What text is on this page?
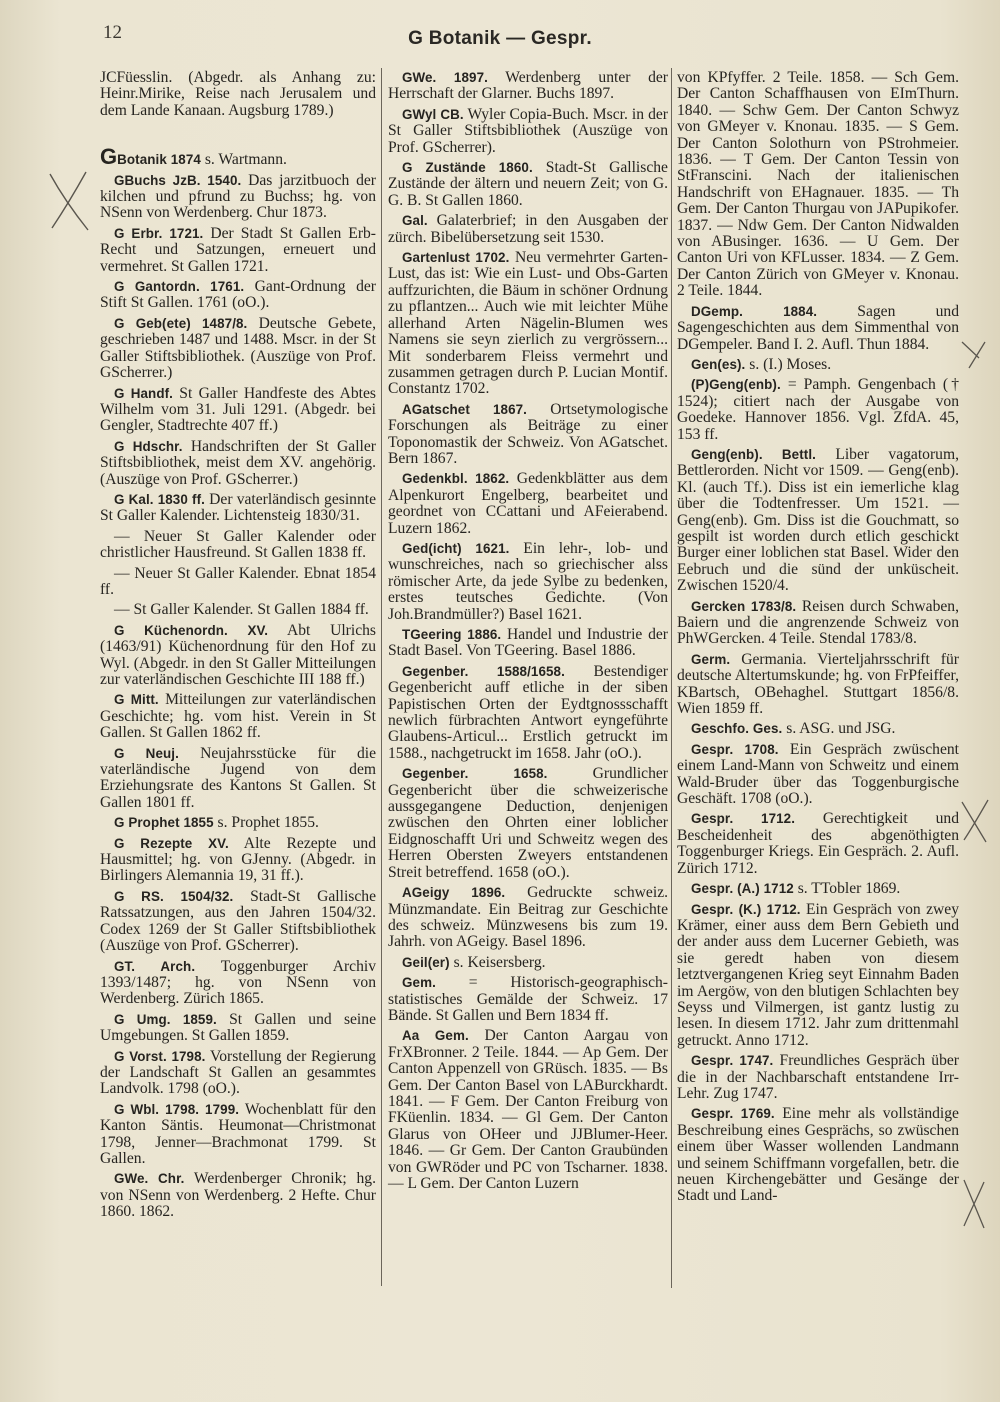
12	G Botanik — Gespr.

JCFüesslin. (Abgedr. als Anhang zu: Heinr.Mirike, Reise nach Jerusalem und dem Lande Kanaan. Augsburg 1789.)

GBotanik 1874 s. Wartmann.

GBuchs JzB. 1540. Das jarzitbuoch der kilchen und pfrund zu Buchss; hg. von NSenn von Werdenberg. Chur 1873.

G Erbr. 1721. Der Stadt St Gallen Erb-Recht und Satzungen, erneuert und vermehret. St Gallen 1721.

G Gantordn. 1761. Gant-Ordnung der Stift St Gallen. 1761 (oO.).

G Geb(ete) 1487/8. Deutsche Gebete, geschrieben 1487 und 1488. Mscr. in der St Galler Stiftsbibliothek. (Auszüge von Prof. GScherrer.)

G Handf. St Galler Handfeste des Abtes Wilhelm vom 31. Juli 1291. (Abgedr. bei Gengler, Stadtrechte 407 ff.)

G Hdschr. Handschriften der St Galler Stiftsbibliothek, meist dem XV. angehörig. (Auszüge von Prof. GScherrer.)

G Kal. 1830 ff. Der vaterländisch gesinnte St Galler Kalender. Lichtensteig 1830/31.

— Neuer St Galler Kalender oder christlicher Hausfreund. St Gallen 1838 ff.

— Neuer St Galler Kalender. Ebnat 1854 ff.

— St Galler Kalender. St Gallen 1884 ff.

G Küchenordn. XV. Abt Ulrichs (1463/91) Küchenordnung für den Hof zu Wyl. (Abgedr. in den St Galler Mitteilungen zur vaterländischen Geschichte III 188 ff.)

G Mitt. Mitteilungen zur vaterländischen Geschichte; hg. vom hist. Verein in St Gallen. St Gallen 1862 ff.

G Neuj. Neujahrsstücke für die vaterländische Jugend von dem Erziehungsrate des Kantons St Gallen. St Gallen 1801 ff.

G Prophet 1855 s. Prophet 1855.

G Rezepte XV. Alte Rezepte und Hausmittel; hg. von GJenny. (Abgedr. in Birlingers Alemannia 19, 31 ff.).

G RS. 1504/32. Stadt-St Gallische Ratssatzungen, aus den Jahren 1504/32. Codex 1269 der St Galler Stiftsbibliothek (Auszüge von Prof. GScherrer).

GT. Arch. Toggenburger Archiv 1393/1487; hg. von NSenn von Werdenberg. Zürich 1865.

G Umg. 1859. St Gallen und seine Umgebungen. St Gallen 1859.

G Vorst. 1798. Vorstellung der Regierung der Landschaft St Gallen an gesammtes Landvolk. 1798 (oO.).

G Wbl. 1798. 1799. Wochenblatt für den Kanton Säntis. Heumonat—Christmonat 1798, Jenner—Brachmonat 1799. St Gallen.

GWe. Chr. Werdenberger Chronik; hg. von NSenn von Werdenberg. 2 Hefte. Chur 1860. 1862.

GWe. 1897. Werdenberg unter der Herrschaft der Glarner. Buchs 1897.

GWyl CB. Wyler Copia-Buch. Mscr. in der St Galler Stiftsbibliothek (Auszüge von Prof. GScherrer).

G Zustände 1860. Stadt-St Gallische Zustände der ältern und neuern Zeit; von G. G. B. St Gallen 1860.

Gal. Galaterbrief; in den Ausgaben der zürch. Bibelübersetzung seit 1530.

Gartenlust 1702. Neu vermehrter Garten-Lust, das ist: Wie ein Lust- und Obs-Garten auffzurichten, die Bäum in schöner Ordnung zu pflantzen... Auch wie mit leichter Mühe allerhand Arten Nägelin-Blumen wes Namens sie seyn zierlich zu vergrössern... Mit sonderbarem Fleiss vermehrt und zusammen getragen durch P. Lucian Montif. Constantz 1702.

AGatschet 1867. Ortsetymologische Forschungen als Beiträge zu einer Toponomastik der Schweiz. Von AGatschet. Bern 1867.

Gedenkbl. 1862. Gedenkblätter aus dem Alpenkurort Engelberg, bearbeitet und geordnet von CCattani und AFeierabend. Luzern 1862.

Ged(icht) 1621. Ein lehr-, lob- und wunschreiches, nach so griechischer alss römischer Arte, da jede Sylbe zu bedenken, erstes teutsches Gedichte. (Von Joh.Brandmüller?) Basel 1621.

TGeering 1886. Handel und Industrie der Stadt Basel. Von TGeering. Basel 1886.

Gegenber. 1588/1658. Bestendiger Gegenbericht auff etliche in der siben Papistischen Orten der Eydtgnossschafft newlich fürbrachten Antwort eyngeführte Glaubens-Articul... Erstlich getruckt im 1588., nachgetruckt im 1658. Jahr (oO.).

Gegenber. 1658. Grundlicher Gegenbericht über die schweizerische aussgegangene Deduction, denjenigen zwüschen den Ohrten einer loblicher Eidgnoschafft Uri und Schweitz wegen des Herren Obersten Zweyers entstandenen Streit betreffend. 1658 (oO.).

AGeigy 1896. Gedruckte schweiz. Münzmandate. Ein Beitrag zur Geschichte des schweiz. Münzwesens bis zum 19. Jahrh. von AGeigy. Basel 1896.

Geil(er) s. Keisersberg.

Gem. = Historisch-geographisch-statistisches Gemälde der Schweiz. 17 Bände. St Gallen und Bern 1834 ff.

Aa Gem. Der Canton Aargau von FrXBronner. 2 Teile. 1844. — Ap Gem. Der Canton Appenzell von GRüsch. 1835. — Bs Gem. Der Canton Basel von LABurckhardt. 1841. — F Gem. Der Canton Freiburg von FKüenlin. 1834. — Gl Gem. Der Canton Glarus von OHeer und JJBlumer-Heer. 1846. — Gr Gem. Der Canton Graubünden von GWRöder und PC von Tscharner. 1838. — L Gem. Der Canton Luzern

von KPfyffer. 2 Teile. 1858. — Sch Gem. Der Canton Schaffhausen von EImThurn. 1840. — Schw Gem. Der Canton Schwyz von GMeyer v. Knonau. 1835. — S Gem. Der Canton Solothurn von PStrohmeier. 1836. — T Gem. Der Canton Tessin von StFranscini. Nach der italienischen Handschrift von EHagnauer. 1835. — Th Gem. Der Canton Thurgau von JAPupikofer. 1837. — Ndw Gem. Der Canton Nidwalden von ABusinger. 1636. — U Gem. Der Canton Uri von KFLusser. 1834. — Z Gem. Der Canton Zürich von GMeyer v. Knonau. 2 Teile. 1844.

DGemp. 1884. Sagen und Sagengeschichten aus dem Simmenthal von DGempeler. Band I. 2. Aufl. Thun 1884.

Gen(es). s. (I.) Moses.

(P)Geng(enb). = Pamph. Gengenbach († 1524); citiert nach der Ausgabe von Goedeke. Hannover 1856. Vgl. ZfdA. 45, 153 ff.

Geng(enb). Bettl. Liber vagatorum, Bettlerorden. Nicht vor 1509. — Geng(enb). Kl. (auch Tf.). Diss ist ein iemerliche klag über die Todtenfresser. Um 1521. — Geng(enb). Gm. Diss ist die Gouchmatt, so gespilt ist worden durch etlich geschickt Burger einer loblichen stat Basel. Wider den Eebruch und die sünd der unküscheit. Zwischen 1520/4.

Gercken 1783/8. Reisen durch Schwaben, Baiern und die angrenzende Schweiz von PhWGercken. 4 Teile. Stendal 1783/8.

Germ. Germania. Vierteljahrsschrift für deutsche Altertumskunde; hg. von FrPfeiffer, KBartsch, OBehaghel. Stuttgart 1856/8. Wien 1859 ff.

Geschfo. Ges. s. ASG. und JSG.

Gespr. 1708. Ein Gespräch zwüschent einem Land-Mann von Schweitz und einem Wald-Bruder über das Toggenburgische Geschäft. 1708 (oO.).

Gespr. 1712. Gerechtigkeit und Bescheidenheit des abgenöthigten Toggenburger Kriegs. Ein Gespräch. 2. Aufl. Zürich 1712.

Gespr. (A.) 1712 s. TTobler 1869.

Gespr. (K.) 1712. Ein Gespräch von zwey Krämer, einer auss dem Bern Gebieth und der ander auss dem Lucerner Gebieth, was sie geredt haben von diesem letztvergangenen Krieg seyt Einnahm Baden im Aergöw, von den blutigen Schlachten bey Seyss und Vilmergen, ist gantz lustig zu lesen. In diesem 1712. Jahr zum drittenmahl getruckt. Anno 1712.

Gespr. 1747. Freundliches Gespräch über die in der Nachbarschaft entstandene Irr-Lehr. Zug 1747.

Gespr. 1769. Eine mehr als vollständige Beschreibung eines Gesprächs, so zwüschen einem über Wasser wollenden Landmann und seinem Schiffmann vorgefallen, betr. die neuen Kirchengebätter und Gesänge der Stadt und Land-
